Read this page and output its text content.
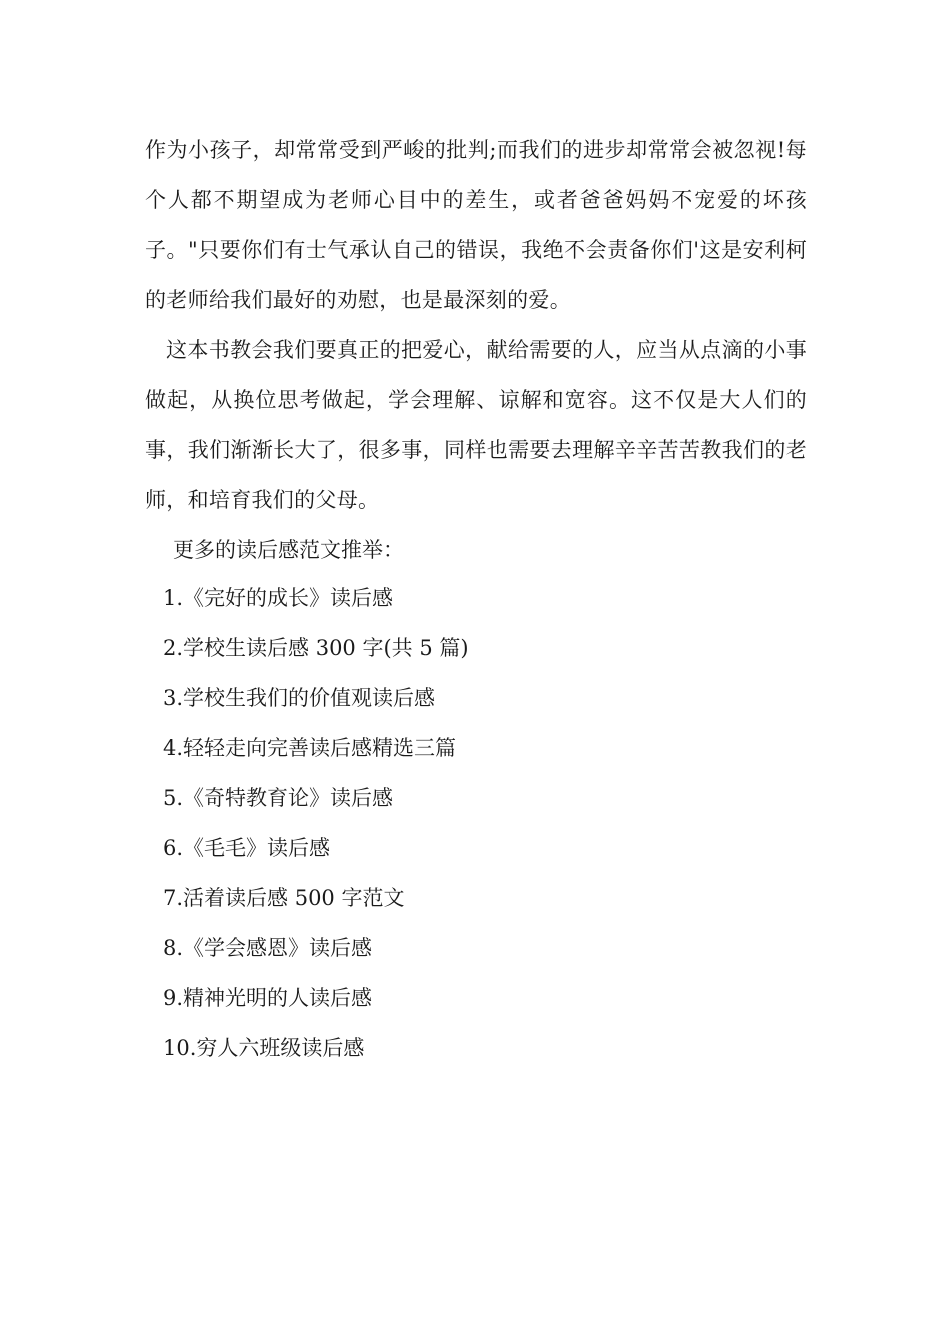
作为小孩子，却常常受到严峻的批判;而我们的进步却常常会被忽视!每个人都不期望成为老师心目中的差生，或者爸爸妈妈不宠爱的坏孩子。"只要你们有士气承认自己的错误，我绝不会责备你们'这是安利柯的老师给我们最好的劝慰，也是最深刻的爱。

这本书教会我们要真正的把爱心，献给需要的人，应当从点滴的小事做起，从换位思考做起，学会理解、谅解和宽容。这不仅是大人们的事，我们渐渐长大了，很多事，同样也需要去理解辛辛苦苦教我们的老师，和培育我们的父母。

更多的读后感范文推举：

1.《完好的成长》读后感
2.学校生读后感 300 字(共 5 篇)
3.学校生我们的价值观读后感
4.轻轻走向完善读后感精选三篇
5.《奇特教育论》读后感
6.《毛毛》读后感
7.活着读后感 500 字范文
8.《学会感恩》读后感
9.精神光明的人读后感
10.穷人六班级读后感
